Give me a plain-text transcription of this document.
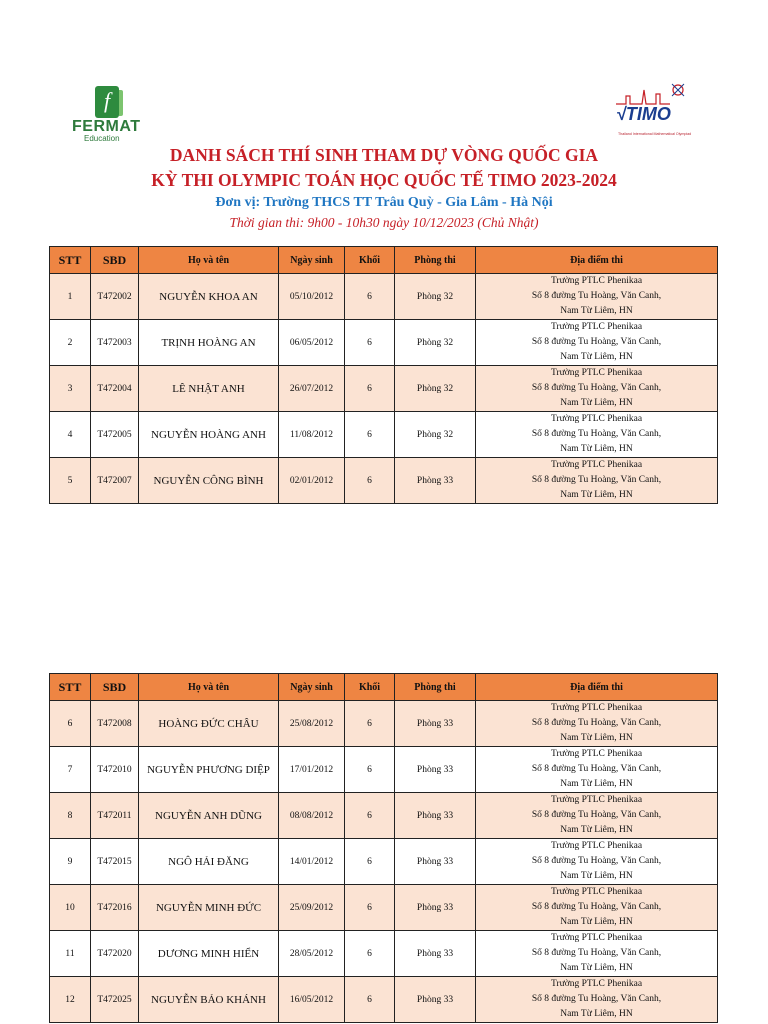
f
FERMAT
Education
√TIMO
Thailand International Mathematical Olympiad
DANH SÁCH THÍ SINH THAM DỰ VÒNG QUỐC GIA
KỲ THI OLYMPIC TOÁN HỌC QUỐC TẾ TIMO 2023-2024
Đơn vị: Trường THCS TT Trâu Quỳ - Gia Lâm - Hà Nội
Thời gian thi: 9h00 - 10h30 ngày 10/12/2023 (Chủ Nhật)
STT	SBD	Họ và tên	Ngày sinh	Khối	Phòng thi	Địa điểm thi
1	T472002	NGUYỄN KHOA AN	05/10/2012	6	Phòng 32	Trường PTLC Phenikaa
Số 8 đường Tu Hoàng, Văn Canh,
Nam Từ Liêm, HN

2	T472003	TRỊNH HOÀNG AN	06/05/2012	6	Phòng 32	Trường PTLC Phenikaa
Số 8 đường Tu Hoàng, Văn Canh,
Nam Từ Liêm, HN

3	T472004	LÊ NHẬT ANH	26/07/2012	6	Phòng 32	Trường PTLC Phenikaa
Số 8 đường Tu Hoàng, Văn Canh,
Nam Từ Liêm, HN

4	T472005	NGUYỄN HOÀNG ANH	11/08/2012	6	Phòng 32	Trường PTLC Phenikaa
Số 8 đường Tu Hoàng, Văn Canh,
Nam Từ Liêm, HN

5	T472007	NGUYỄN CÔNG BÌNH	02/01/2012	6	Phòng 33	Trường PTLC Phenikaa
Số 8 đường Tu Hoàng, Văn Canh,
Nam Từ Liêm, HN
STT	SBD	Họ và tên	Ngày sinh	Khối	Phòng thi	Địa điểm thi
6	T472008	HOÀNG ĐỨC CHÂU	25/08/2012	6	Phòng 33	Trường PTLC Phenikaa
Số 8 đường Tu Hoàng, Văn Canh,
Nam Từ Liêm, HN

7	T472010	NGUYỄN PHƯƠNG DIỆP	17/01/2012	6	Phòng 33	Trường PTLC Phenikaa
Số 8 đường Tu Hoàng, Văn Canh,
Nam Từ Liêm, HN

8	T472011	NGUYỄN ANH DŨNG	08/08/2012	6	Phòng 33	Trường PTLC Phenikaa
Số 8 đường Tu Hoàng, Văn Canh,
Nam Từ Liêm, HN

9	T472015	NGÔ HẢI ĐĂNG	14/01/2012	6	Phòng 33	Trường PTLC Phenikaa
Số 8 đường Tu Hoàng, Văn Canh,
Nam Từ Liêm, HN

10	T472016	NGUYỄN MINH ĐỨC	25/09/2012	6	Phòng 33	Trường PTLC Phenikaa
Số 8 đường Tu Hoàng, Văn Canh,
Nam Từ Liêm, HN

11	T472020	DƯƠNG MINH HIỂN	28/05/2012	6	Phòng 33	Trường PTLC Phenikaa
Số 8 đường Tu Hoàng, Văn Canh,
Nam Từ Liêm, HN

12	T472025	NGUYỄN BẢO KHÁNH	16/05/2012	6	Phòng 33	Trường PTLC Phenikaa
Số 8 đường Tu Hoàng, Văn Canh,
Nam Từ Liêm, HN
